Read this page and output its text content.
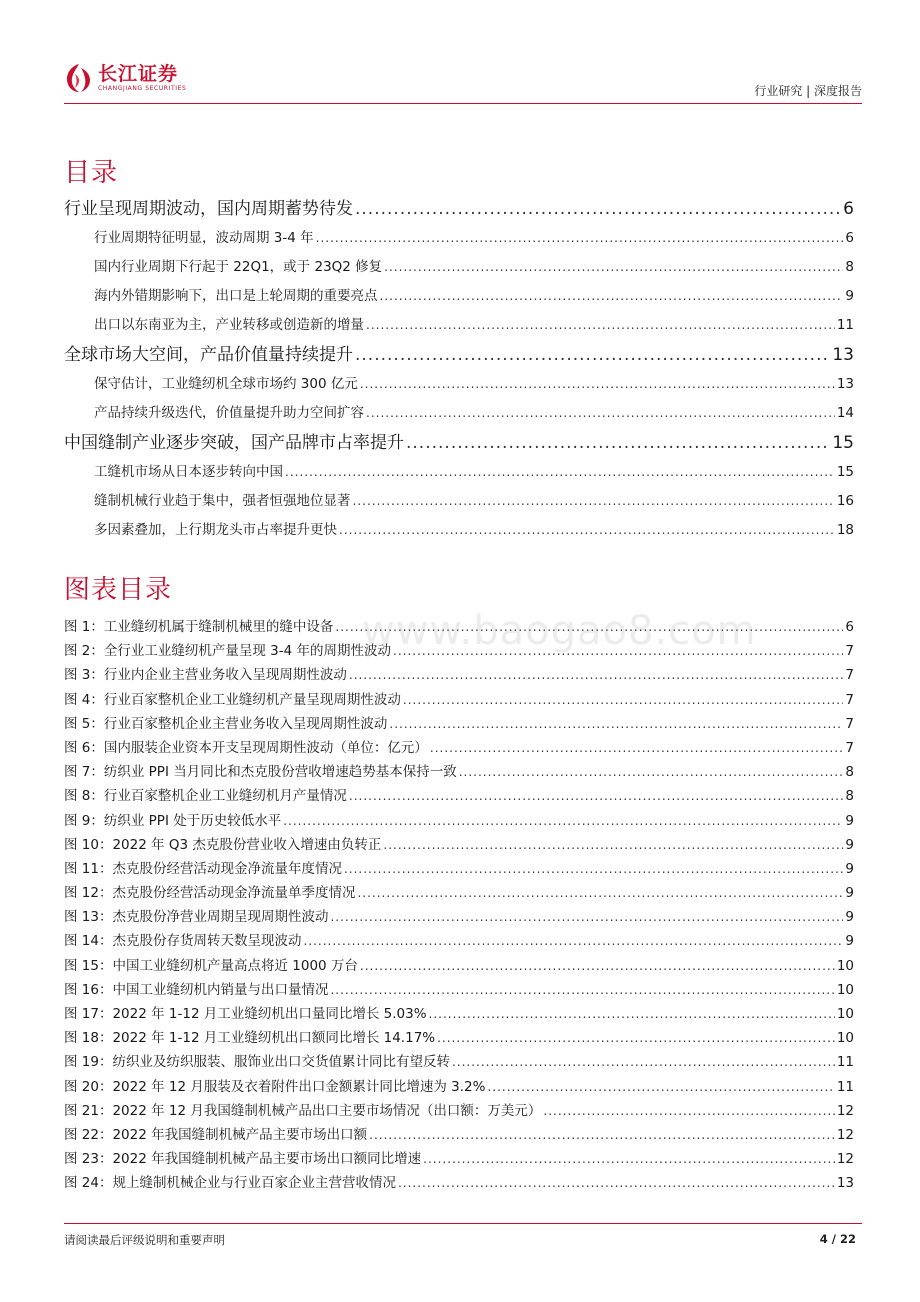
长江证券
CHANGJIANG SECURITIES	行业研究 | 深度报告
目录
行业呈现周期波动，国内周期蓄势待发 .....	6
行业周期特征明显，波动周期 3-4 年 .....	6
国内行业周期下行起于 22Q1，或于 23Q2 修复 .....	8
海内外错期影响下，出口是上轮周期的重要亮点 .....	9
出口以东南亚为主，产业转移或创造新的增量 .....	11
全球市场大空间，产品价值量持续提升 .....	13
保守估计，工业缝纫机全球市场约 300 亿元 .....	13
产品持续升级迭代，价值量提升助力空间扩容 .....	14
中国缝制产业逐步突破，国产品牌市占率提升 .....	15
工缝机市场从日本逐步转向中国 .....	15
缝制机械行业趋于集中，强者恒强地位显著 .....	16
多因素叠加，上行期龙头市占率提升更快 .....	18
图表目录
图 1：工业缝纫机属于缝制机械里的缝中设备 .....	6
图 2：全行业工业缝纫机产量呈现 3-4 年的周期性波动 .....	7
图 3：行业内企业主营业务收入呈现周期性波动 .....	7
图 4：行业百家整机企业工业缝纫机产量呈现周期性波动 .....	7
图 5：行业百家整机企业主营业务收入呈现周期性波动 .....	7
图 6：国内服装企业资本开支呈现周期性波动（单位：亿元） .....	7
图 7：纺织业 PPI 当月同比和杰克股份营收增速趋势基本保持一致 .....	8
图 8：行业百家整机企业工业缝纫机月产量情况 .....	8
图 9：纺织业 PPI 处于历史较低水平 .....	9
图 10：2022 年 Q3 杰克股份营业收入增速由负转正 .....	9
图 11：杰克股份经营活动现金净流量年度情况 .....	9
图 12：杰克股份经营活动现金净流量单季度情况 .....	9
图 13：杰克股份净营业周期呈现周期性波动 .....	9
图 14：杰克股份存货周转天数呈现波动 .....	9
图 15：中国工业缝纫机产量高点将近 1000 万台 .....	10
图 16：中国工业缝纫机内销量与出口量情况 .....	10
图 17：2022 年 1-12 月工业缝纫机出口量同比增长 5.03% .....	10
图 18：2022 年 1-12 月工业缝纫机出口额同比增长 14.17% .....	10
图 19：纺织业及纺织服装、服饰业出口交货值累计同比有望反转 .....	11
图 20：2022 年 12 月服装及衣着附件出口金额累计同比增速为 3.2% .....	11
图 21：2022 年 12 月我国缝制机械产品出口主要市场情况（出口额：万美元） .....	12
图 22：2022 年我国缝制机械产品主要市场出口额 .....	12
图 23：2022 年我国缝制机械产品主要市场出口额同比增速 .....	12
图 24：规上缝制机械企业与行业百家企业主营营收情况 .....	13
www.baogao8.com
请阅读最后评级说明和重要声明	4 / 22
